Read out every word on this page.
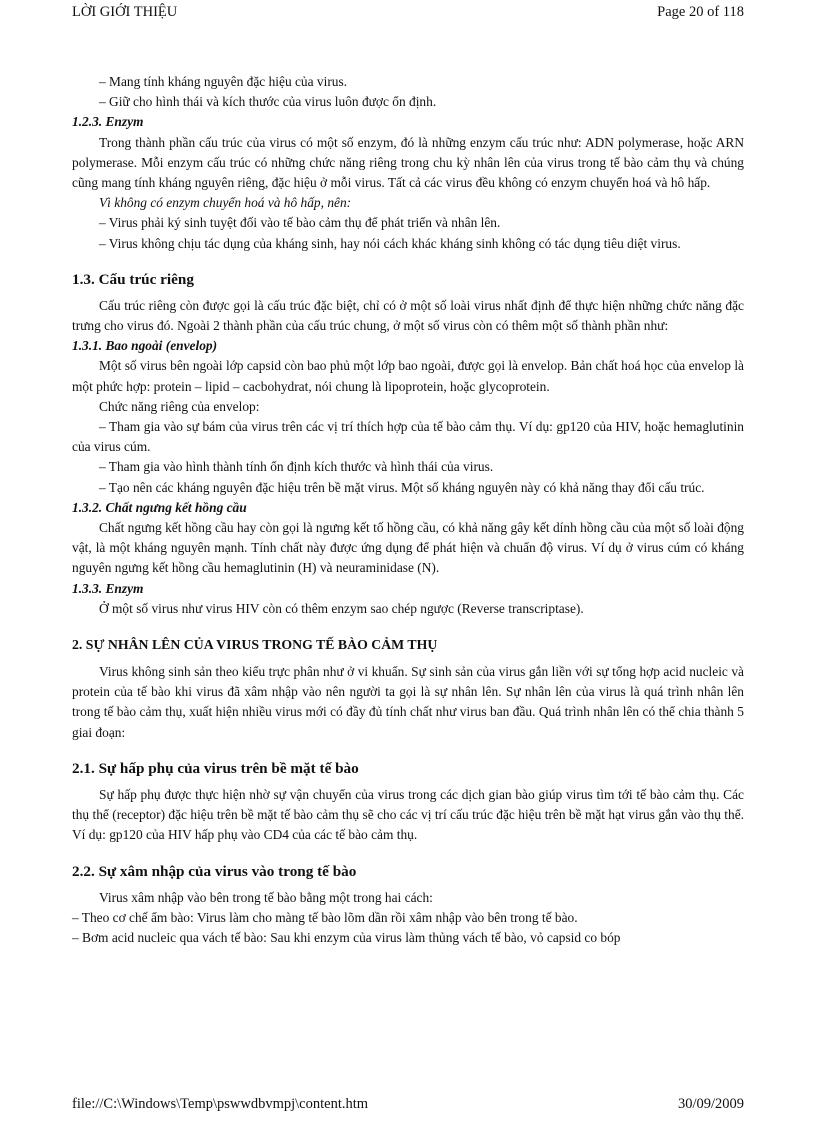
LỜI GIỚI THIỆU	Page 20 of 118

– Mang tính kháng nguyên đặc hiệu của virus.

– Giữ cho hình thái và kích thước của virus luôn được ổn định.

1.2.3. Enzym

Trong thành phần cấu trúc của virus có một số enzym, đó là những enzym cấu trúc như: ADN polymerase, hoặc ARN polymerase. Mỗi enzym cấu trúc có những chức năng riêng trong chu kỳ nhân lên của virus trong tế bào cảm thụ và chúng cũng mang tính kháng nguyên riêng, đặc hiệu ở mỗi virus. Tất cả các virus đều không có enzym chuyển hoá và hô hấp.

Vì không có enzym chuyển hoá và hô hấp, nên:

– Virus phải ký sinh tuyệt đối vào tế bào cảm thụ để phát triển và nhân lên.

– Virus không chịu tác dụng của kháng sinh, hay nói cách khác kháng sinh không có tác dụng tiêu diệt virus.

1.3. Cấu trúc riêng

Cấu trúc riêng còn được gọi là cấu trúc đặc biệt, chỉ có ở một số loài virus nhất định để thực hiện những chức năng đặc trưng cho virus đó. Ngoài 2 thành phần của cấu trúc chung, ở một số virus còn có thêm một số thành phần như:

1.3.1. Bao ngoài (envelop)

Một số virus bên ngoài lớp capsid còn bao phủ một lớp bao ngoài, được gọi là envelop. Bản chất hoá học của envelop là một phức hợp: protein – lipid – cacbohydrat, nói chung là lipoprotein, hoặc glycoprotein.

Chức năng riêng của envelop:

– Tham gia vào sự bám của virus trên các vị trí thích hợp của tế bào cảm thụ. Ví dụ: gp120 của HIV, hoặc hemaglutinin của virus cúm.

– Tham gia vào hình thành tính ổn định kích thước và hình thái của virus.

– Tạo nên các kháng nguyên đặc hiệu trên bề mặt virus. Một số kháng nguyên này có khả năng thay đổi cấu trúc.

1.3.2. Chất ngưng kết hồng cầu

Chất ngưng kết hồng cầu hay còn gọi là ngưng kết tố hồng cầu, có khả năng gây kết dính hồng cầu của một số loài động vật, là một kháng nguyên mạnh. Tính chất này được ứng dụng để phát hiện và chuẩn độ virus. Ví dụ ở virus cúm có kháng nguyên ngưng kết hồng cầu hemaglutinin (H) và neuraminidase (N).

1.3.3. Enzym

Ở một số virus như virus HIV còn có thêm enzym sao chép ngược (Reverse transcriptase).

2. SỰ NHÂN LÊN CỦA VIRUS TRONG TẾ BÀO CẢM THỤ

Virus không sinh sản theo kiểu trực phân như ở vi khuẩn. Sự sinh sản của virus gắn liền với sự tổng hợp acid nucleic và protein của tế bào khi virus đã xâm nhập vào nên người ta gọi là sự nhân lên. Sự nhân lên của virus là quá trình nhân lên trong tế bào cảm thụ, xuất hiện nhiều virus mới có đầy đủ tính chất như virus ban đầu. Quá trình nhân lên có thể chia thành 5 giai đoạn:

2.1. Sự hấp phụ của virus trên bề mặt tế bào

Sự hấp phụ được thực hiện nhờ sự vận chuyển của virus trong các dịch gian bào giúp virus tìm tới tế bào cảm thụ. Các thụ thể (receptor) đặc hiệu trên bề mặt tế bào cảm thụ sẽ cho các vị trí cấu trúc đặc hiệu trên bề mặt hạt virus gắn vào thụ thể. Ví dụ: gp120 của HIV hấp phụ vào CD4 của các tế bào cảm thụ.

2.2. Sự xâm nhập của virus vào trong tế bào

Virus xâm nhập vào bên trong tế bào bằng một trong hai cách:

– Theo cơ chế ẩm bào: Virus làm cho màng tế bào lõm dần rồi xâm nhập vào bên trong tế bào.

– Bơm acid nucleic qua vách tế bào: Sau khi enzym của virus làm thủng vách tế bào, vỏ capsid co bóp

file://C:\Windows\Temp\pswwdbvmpj\content.htm	30/09/2009
